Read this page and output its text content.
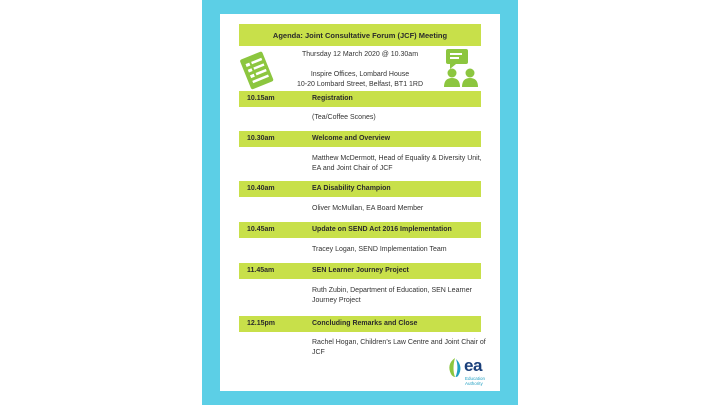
Agenda: Joint Consultative Forum (JCF) Meeting
Thursday 12 March 2020 @ 10.30am
Inspire Offices, Lombard House
10-20 Lombard Street, Belfast, BT1 1RD
10.15am	Registration
(Tea/Coffee Scones)
10.30am	Welcome and Overview
Matthew McDermott, Head of Equality & Diversity Unit, EA and Joint Chair of JCF
10.40am	EA Disability Champion
Oliver McMullan, EA Board Member
10.45am	Update on SEND Act 2016 Implementation
Tracey Logan, SEND Implementation Team
11.45am	SEN Learner Journey Project
Ruth Zubin, Department of Education, SEN Learner Journey Project
12.15pm	Concluding Remarks and Close
Rachel Hogan, Children's Law Centre and Joint Chair of JCF
ea
Education
Authority
